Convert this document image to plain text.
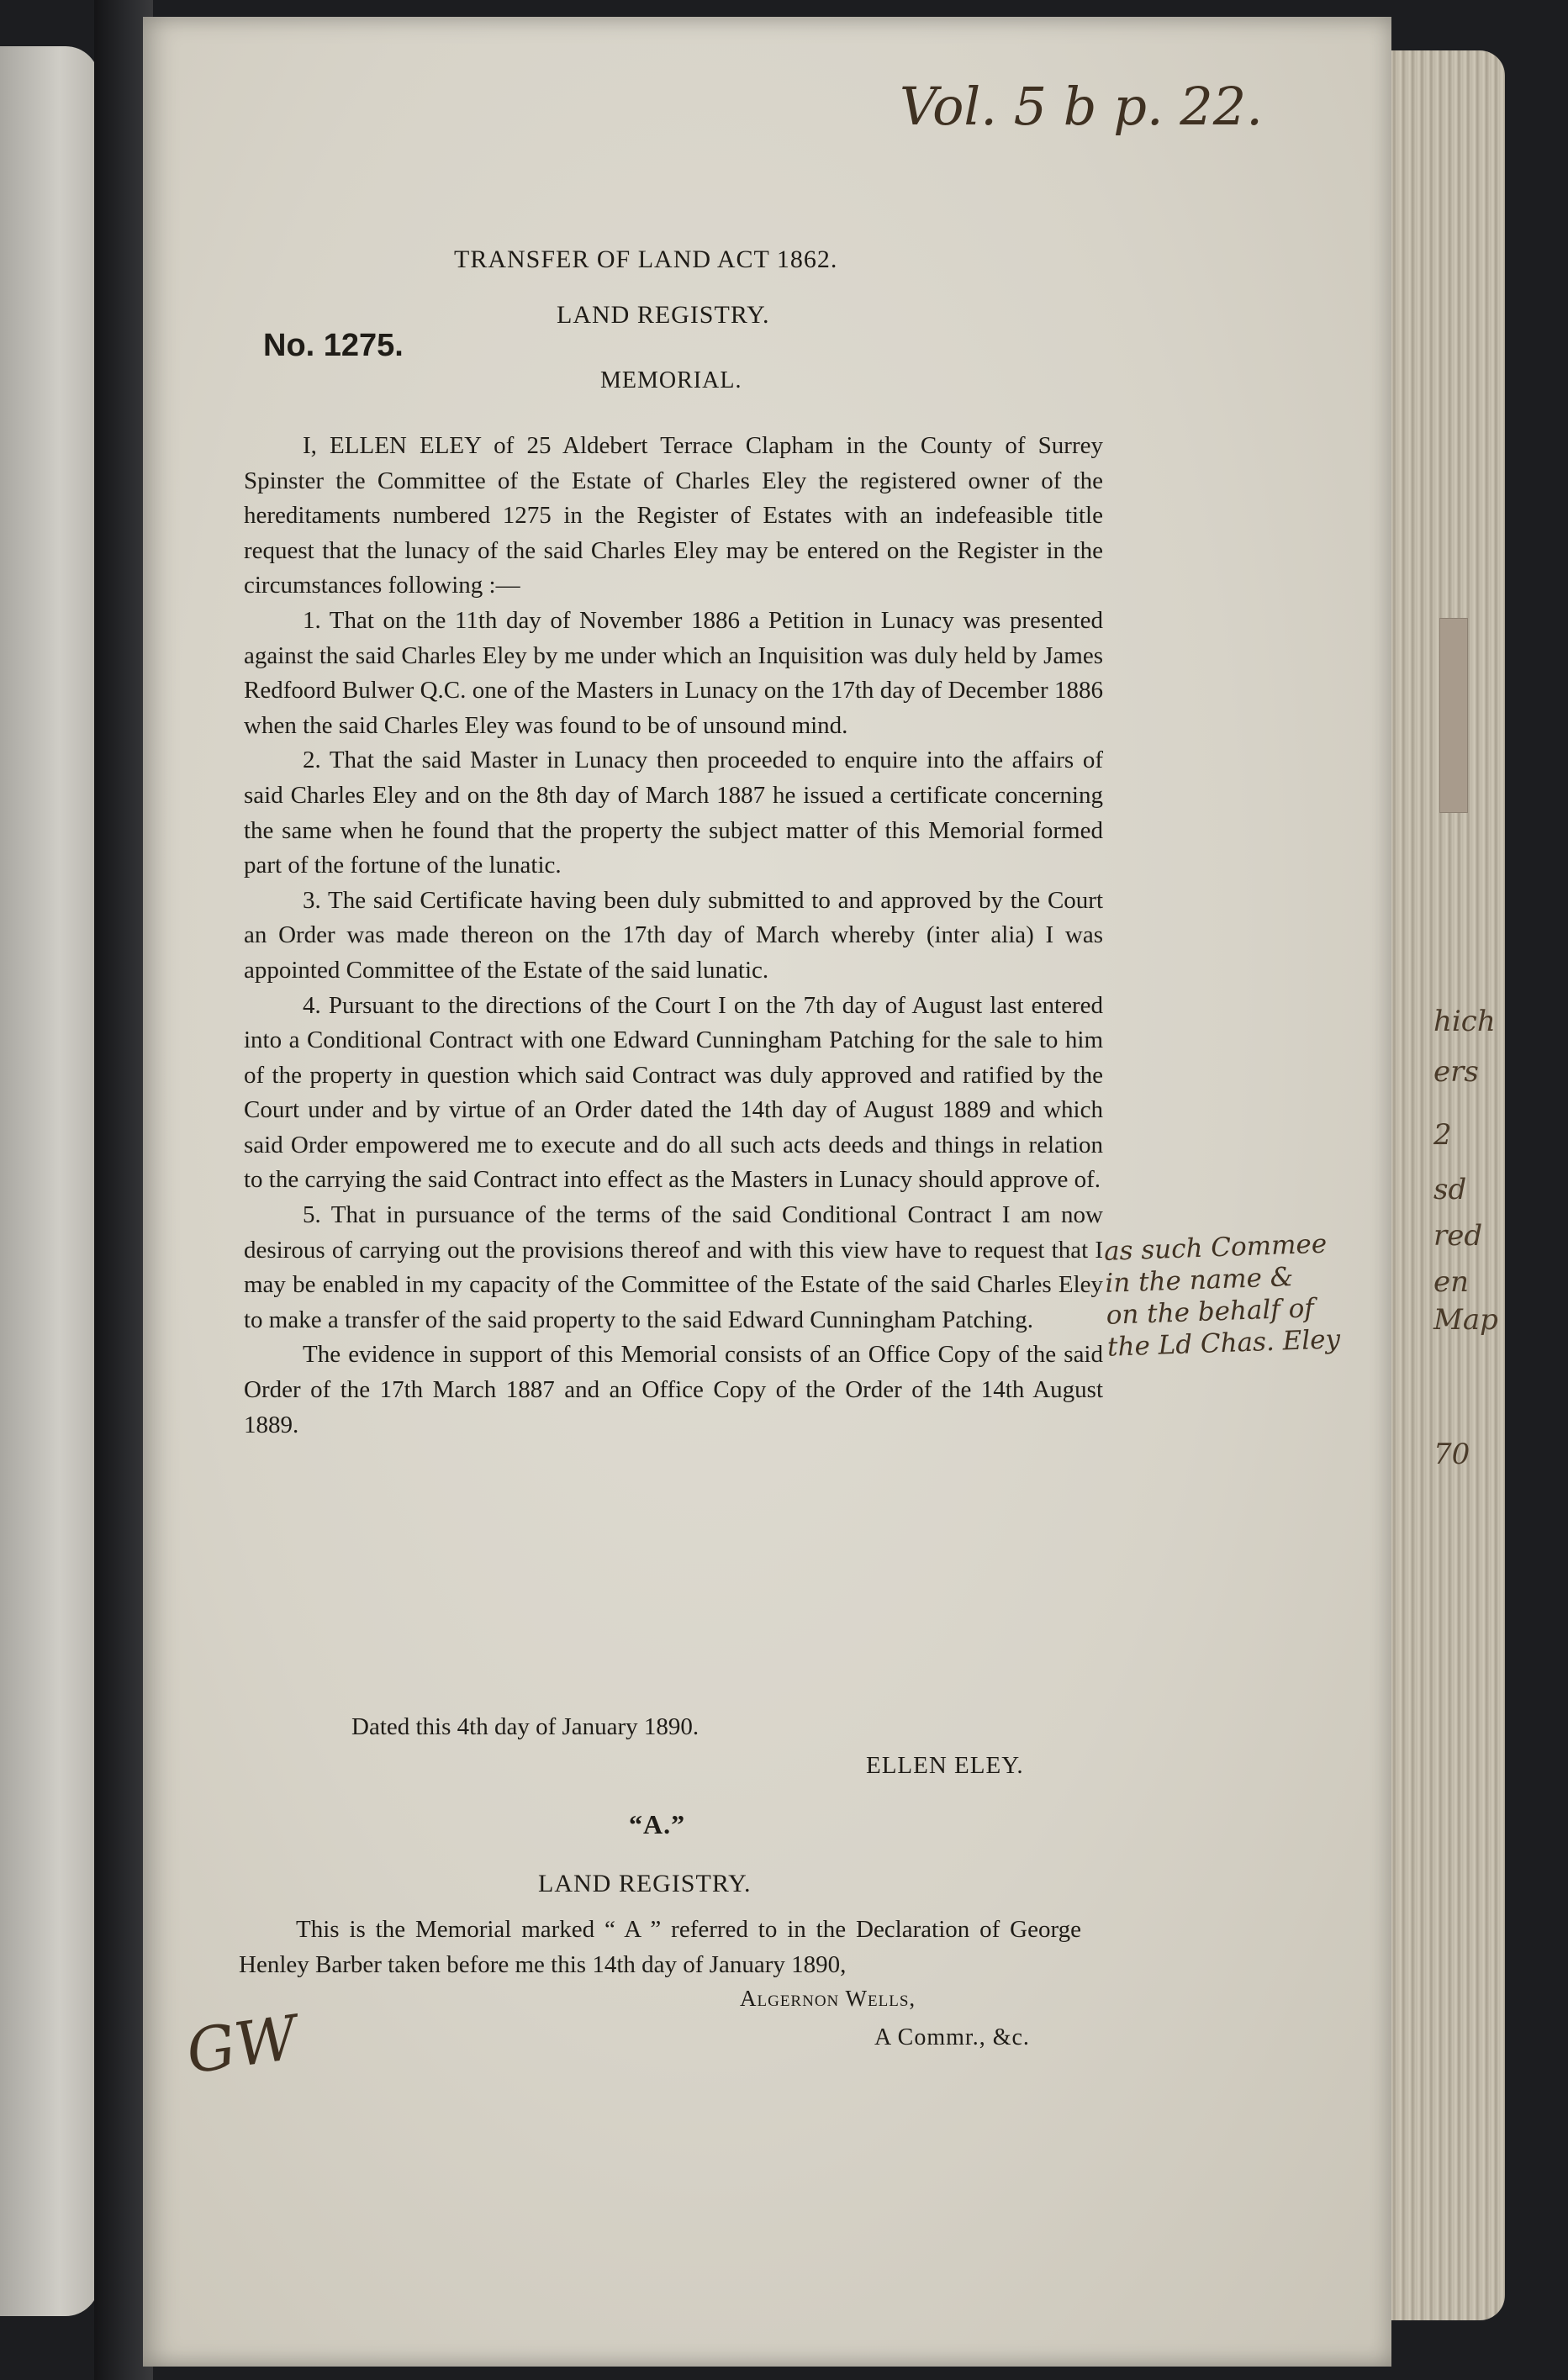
hich
ers
2
sd
red
en
Map
70
Vol. 5 b p. 22.
TRANSFER OF LAND ACT 1862.
LAND REGISTRY.
No. 1275.
MEMORIAL.

I, ELLEN ELEY of 25 Aldebert Terrace Clapham in the County of Surrey Spinster the Committee of the Estate of Charles Eley the registered owner of the hereditaments numbered 1275 in the Register of Estates with an indefeasible title request that the lunacy of the said Charles Eley may be entered on the Register in the circumstances following :—

1. That on the 11th day of November 1886 a Petition in Lunacy was presented against the said Charles Eley by me under which an Inquisition was duly held by James Redfoord Bulwer Q.C. one of the Masters in Lunacy on the 17th day of December 1886 when the said Charles Eley was found to be of unsound mind.

2. That the said Master in Lunacy then proceeded to enquire into the affairs of said Charles Eley and on the 8th day of March 1887 he issued a certificate concerning the same when he found that the property the subject matter of this Memorial formed part of the fortune of the lunatic.

3. The said Certificate having been duly submitted to and approved by the Court an Order was made thereon on the 17th day of March whereby (inter alia) I was appointed Committee of the Estate of the said lunatic.

4. Pursuant to the directions of the Court I on the 7th day of August last entered into a Conditional Contract with one Edward Cunningham Patching for the sale to him of the property in question which said Contract was duly approved and ratified by the Court under and by virtue of an Order dated the 14th day of August 1889 and which said Order empowered me to execute and do all such acts deeds and things in relation to the carrying the said Contract into effect as the Masters in Lunacy should approve of.

5. That in pursuance of the terms of the said Conditional Contract I am now desirous of carrying out the provisions thereof and with this view have to request that I may be enabled in my capacity of the Committee of the Estate of the said Charles Eley to make a transfer of the said property to the said Edward Cunningham Patching.

The evidence in support of this Memorial consists of an Office Copy of the said Order of the 17th March 1887 and an Office Copy of the Order of the 14th August 1889.

as such Commee
in the name &
on the behalf of
the Ld Chas. Eley
Dated this 4th day of January 1890.
ELLEN ELEY.
“A.”
LAND REGISTRY.

This is the Memorial marked “ A ” referred to in the Declaration of George Henley Barber taken before me this 14th day of January 1890,

Algernon Wells,
A Commr., &c.
GW
